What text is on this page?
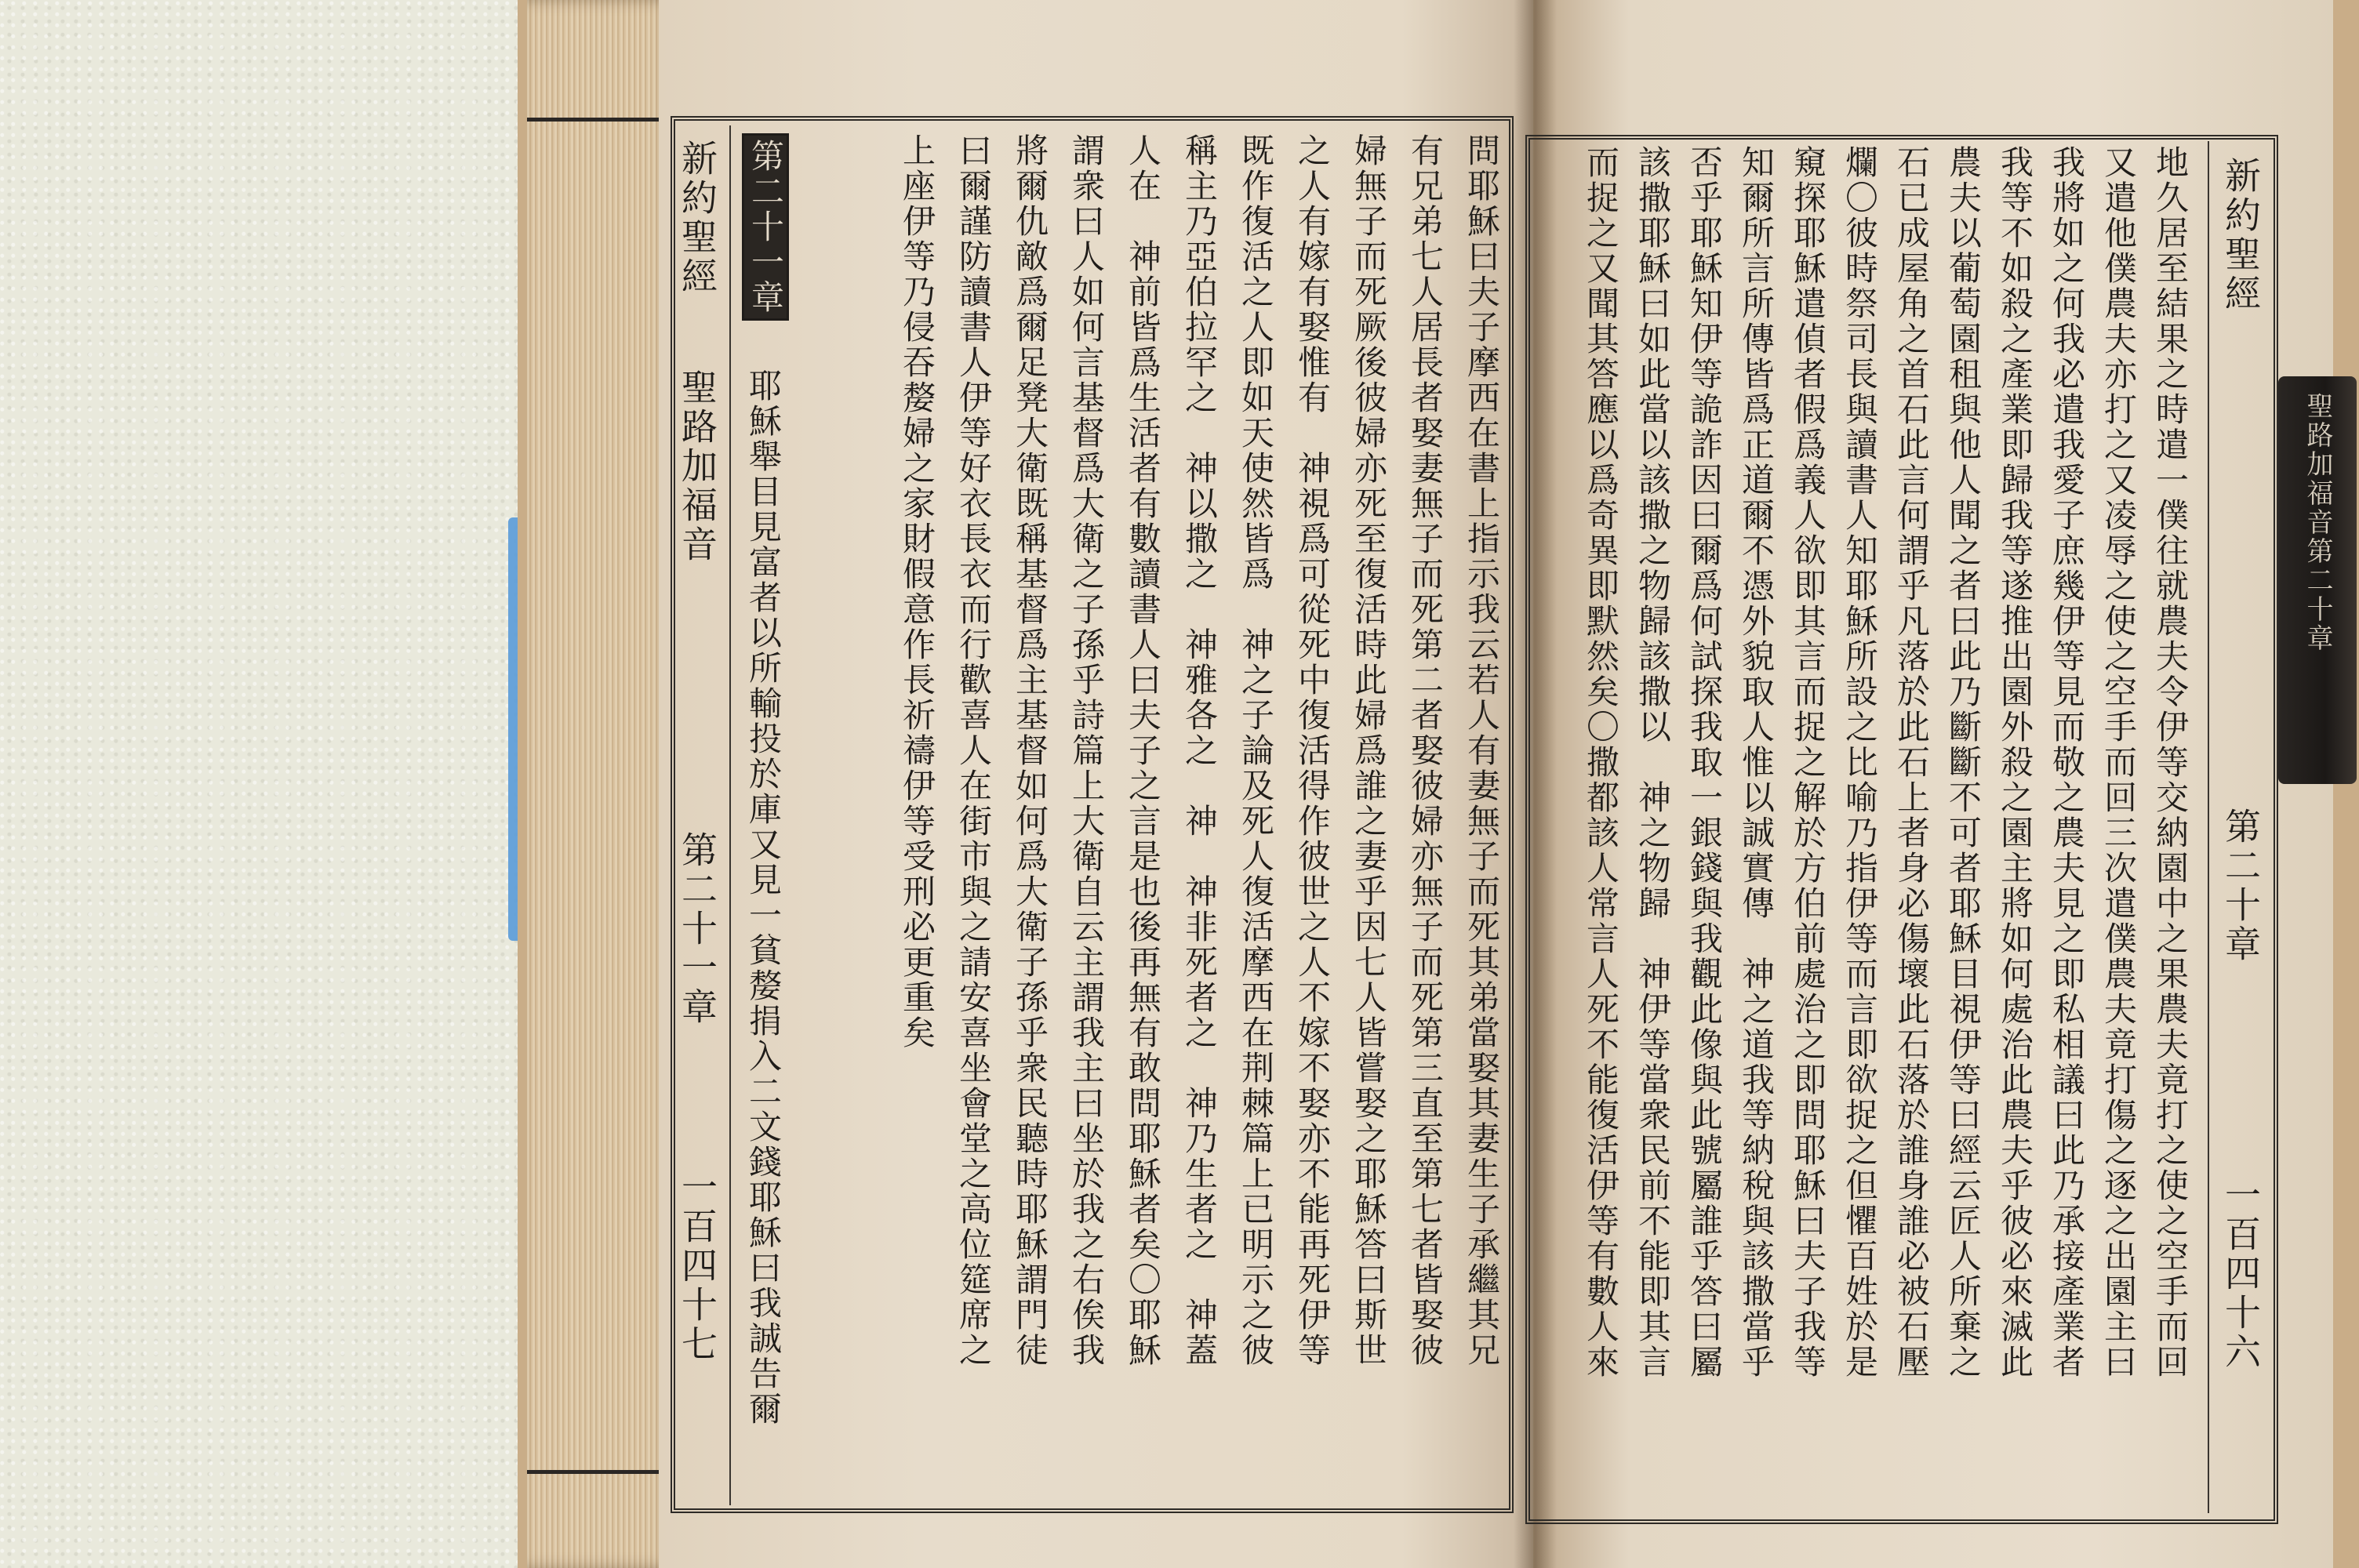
新約聖經
聖路加福音
第二十一章
一百四十七	問耶穌曰夫子摩西在書上指示我云若人有妻無子而死其弟當娶其妻生子承繼其兄
有兄弟七人居長者娶妻無子而死第二者娶彼婦亦無子而死第三直至第七者皆娶彼
婦無子而死厥後彼婦亦死至復活時此婦爲誰之妻乎因七人皆嘗娶之耶穌答曰斯世
之人有嫁有娶惟有　神視爲可從死中復活得作彼世之人不嫁不娶亦不能再死伊等
既作復活之人即如天使然皆爲　神之子論及死人復活摩西在荆棘篇上已明示之彼
稱主乃亞伯拉罕之　神以撒之　神雅各之　神　神非死者之　神乃生者之　神蓋
人在　神前皆爲生活者有數讀書人曰夫子之言是也後再無有敢問耶穌者矣〇耶穌
謂衆曰人如何言基督爲大衛之子孫乎詩篇上大衛自云主謂我主曰坐於我之右俟我
將爾仇敵爲爾足凳大衛既稱基督爲主基督如何爲大衛子孫乎衆民聽時耶穌謂門徒
曰爾謹防讀書人伊等好衣長衣而行歡喜人在街市與之請安喜坐會堂之高位筵席之
上座伊等乃侵吞嫠婦之家財假意作長祈禱伊等受刑必更重矣
第二十一章
耶穌舉目見富者以所輸投於庫又見一貧嫠捐入二文錢耶穌曰我誠告爾
新約聖經
第二十章
一百四十六
地久居至結果之時遣一僕往就農夫令伊等交納園中之果農夫竟打之使之空手而回
又遣他僕農夫亦打之又凌辱之使之空手而回三次遣僕農夫竟打傷之逐之出園主曰
我將如之何我必遣我愛子庶幾伊等見而敬之農夫見之即私相議曰此乃承接產業者
我等不如殺之產業即歸我等遂推出園外殺之園主將如何處治此農夫乎彼必來滅此
農夫以葡萄園租與他人聞之者曰此乃斷斷不可者耶穌目視伊等曰經云匠人所棄之
石已成屋角之首石此言何謂乎凡落於此石上者身必傷壞此石落於誰身誰必被石壓
爛〇彼時祭司長與讀書人知耶穌所設之比喻乃指伊等而言即欲捉之但懼百姓於是
窺探耶穌遣偵者假爲義人欲即其言而捉之解於方伯前處治之即問耶穌曰夫子我等
知爾所言所傳皆爲正道爾不憑外貌取人惟以誠實傳　神之道我等納稅與該撒當乎
否乎耶穌知伊等詭詐因曰爾爲何試探我取一銀錢與我觀此像與此號屬誰乎答曰屬
該撒耶穌曰如此當以該撒之物歸該撒以　神之物歸　神伊等當衆民前不能即其言
而捉之又聞其答應以爲奇異即默然矣〇撒都該人常言人死不能復活伊等有數人來	聖路加福音第二十章
